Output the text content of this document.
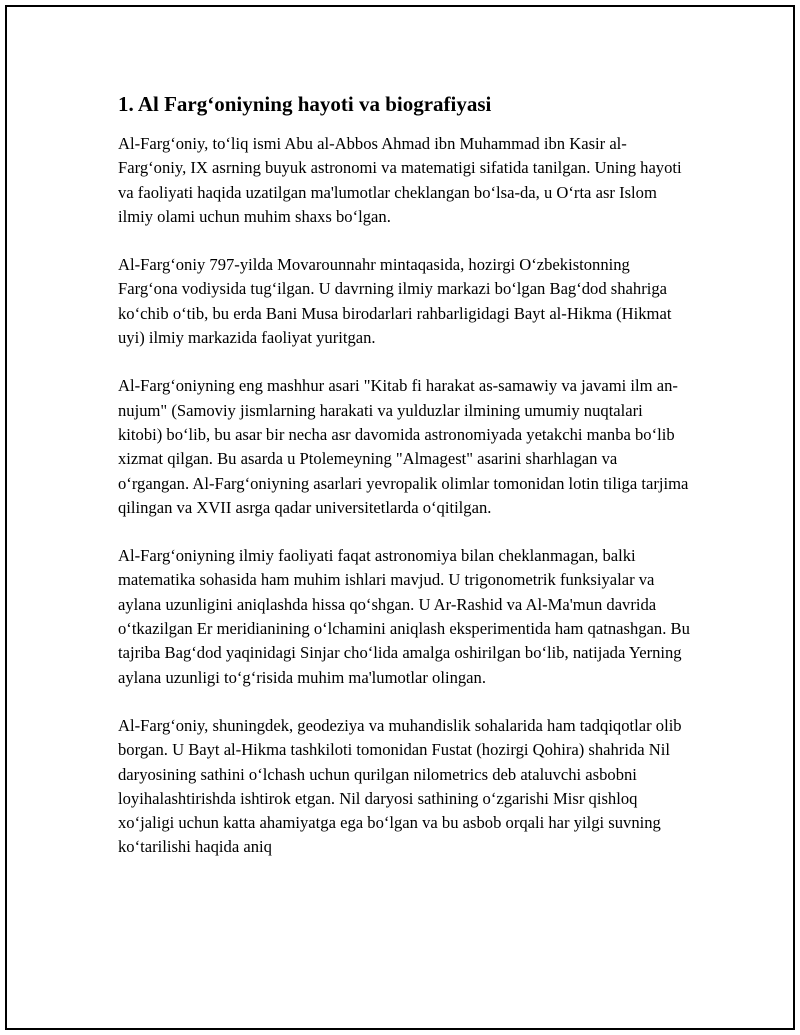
1. Al Farg‘oniyning hayoti va biografiyasi

Al-Farg‘oniy, to‘liq ismi Abu al-Abbos Ahmad ibn Muhammad ibn Kasir al-Farg‘oniy, IX asrning buyuk astronomi va matematigi sifatida tanilgan. Uning hayoti va faoliyati haqida uzatilgan ma'lumotlar cheklangan bo‘lsa-da, u O‘rta asr Islom ilmiy olami uchun muhim shaxs bo‘lgan.

Al-Farg‘oniy 797-yilda Movarounnahr mintaqasida, hozirgi O‘zbekistonning Farg‘ona vodiysida tug‘ilgan. U davrning ilmiy markazi bo‘lgan Bag‘dod shahriga ko‘chib o‘tib, bu erda Bani Musa birodarlari rahbarligidagi Bayt al-Hikma (Hikmat uyi) ilmiy markazida faoliyat yuritgan.

Al-Farg‘oniyning eng mashhur asari "Kitab fi harakat as-samawiy va javami ilm an-nujum" (Samoviy jismlarning harakati va yulduzlar ilmining umumiy nuqtalari kitobi) bo‘lib, bu asar bir necha asr davomida astronomiyada yetakchi manba bo‘lib xizmat qilgan. Bu asarda u Ptolemeyning "Almagest" asarini sharhlagan va o‘rgangan. Al-Farg‘oniyning asarlari yevropalik olimlar tomonidan lotin tiliga tarjima qilingan va XVII asrga qadar universitetlarda o‘qitilgan.

Al-Farg‘oniyning ilmiy faoliyati faqat astronomiya bilan cheklanmagan, balki matematika sohasida ham muhim ishlari mavjud. U trigonometrik funksiyalar va aylana uzunligini aniqlashda hissa qo‘shgan. U Ar-Rashid va Al-Ma'mun davrida o‘tkazilgan Er meridianining o‘lchamini aniqlash eksperimentida ham qatnashgan. Bu tajriba Bag‘dod yaqinidagi Sinjar cho‘lida amalga oshirilgan bo‘lib, natijada Yerning aylana uzunligi to‘g‘risida muhim ma'lumotlar olingan.

Al-Farg‘oniy, shuningdek, geodeziya va muhandislik sohalarida ham tadqiqotlar olib borgan. U Bayt al-Hikma tashkiloti tomonidan Fustat (hozirgi Qohira) shahrida Nil daryosining sathini o‘lchash uchun qurilgan nilometrics deb ataluvchi asbobni loyihalashtirishda ishtirok etgan. Nil daryosi sathining o‘zgarishi Misr qishloq xo‘jaligi uchun katta ahamiyatga ega bo‘lgan va bu asbob orqali har yilgi suvning ko‘tarilishi haqida aniq
